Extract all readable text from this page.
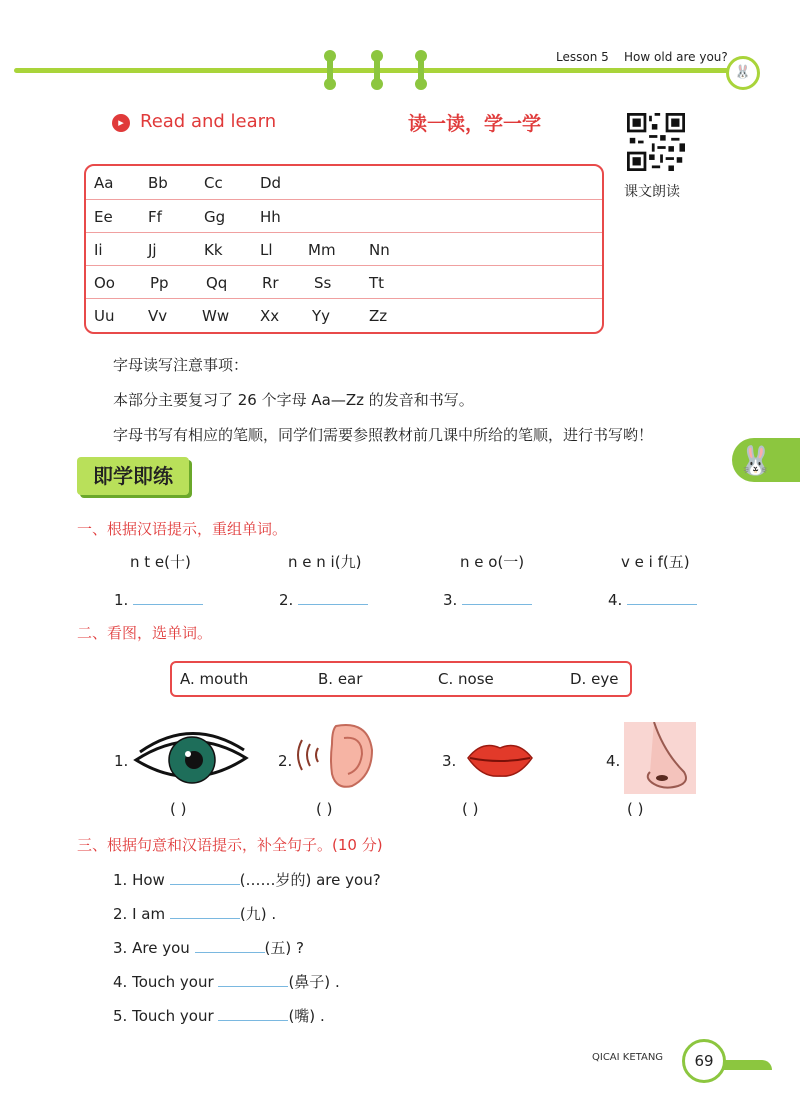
Lesson 5 How old are you?
🐰
▸ Read and learn	读一读，学一学
课文朗读
Aa Bb Cc Dd
Ee Ff	Gg Hh
Ii	Jj	Kk Ll Mm Nn
Oo Pp Qq Rr Ss	Tt
Uu Vv Ww Xx Yy	Zz
字母读写注意事项：
本部分主要复习了 26 个字母 Aa—Zz 的发音和书写。
字母书写有相应的笔顺，同学们需要参照教材前几课中所给的笔顺，进行书写哟！
🐰
即学即练
一、根据汉语提示，重组单词。
n t e(十)	n e n i(九)	n e o(一)	v e i f(五)
1.	2.	3.	4.
二、看图，选单词。
A. mouth	B. ear	C. nose	D. eye
1.	2.	3.	4.
( )	( )	( )	( )
三、根据句意和汉语提示，补全句子。(10 分)
1. How	(……岁的) are you?
2. I am	(九) .
3. Are you	(五) ?
4. Touch your	(鼻子) .
5. Touch your	(嘴) .
QICAI KETANG	69
